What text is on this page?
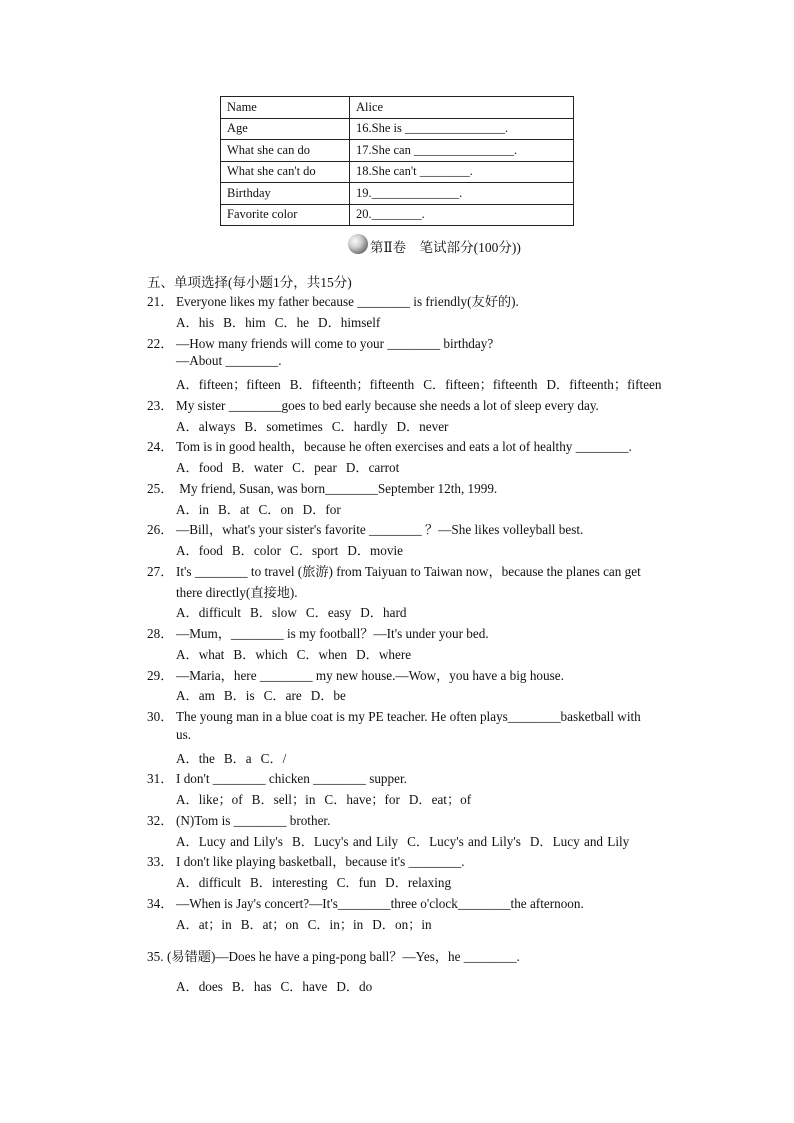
Name	Alice
Age	16.She is ________________.
What she can do	17.She can ________________.
What she can't do	18.She can't ________.
Birthday	19.______________.
Favorite color	20.________.
第Ⅱ卷　笔试部分(100分))
五、单项选择(每小题1分，共15分)
21． Everyone likes my father because ________ is friendly(友好的).
A．his B．him C．he D．himself
22． —How many friends will come to your ________ birthday?
—About ________.
A．fifteen；fifteen B．fifteenth；fifteenth C．fifteen；fifteenth D．fifteenth；fifteen
23． My sister ________goes to bed early because she needs a lot of sleep every day.
A．always B．sometimes C．hardly D．never
24． Tom is in good health，because he often exercises and eats a lot of healthy ________.
A．food B．water C．pear D．carrot
25． My friend, Susan, was born________September 12th, 1999.
A．in B．at C．on D．for
26． —Bill，what's your sister's favorite ________ ？—She likes volleyball best.
A．food B．color C．sport D．movie
27． It's ________ to travel (旅游) from Taiyuan to Taiwan now，because the planes can get
there directly(直接地).
A．difficult B．slow C．easy D．hard
28． —Mum，________ is my football？—It's under your bed.
A．what B．which C．when D．where
29． —Maria，here ________ my new house.—Wow，you have a big house.
A．am B．is C．are D．be
30． The young man in a blue coat is my PE teacher. He often plays________basketball with
us.
A．the B．a C．/
31． I don't ________ chicken ________ supper.
A．like；of B．sell；in C．have；for D．eat；of
32． (N)Tom is ________ brother.
A．Lucy and Lily's B．Lucy's and Lily C．Lucy's and Lily's D．Lucy and Lily
33． I don't like playing basketball，because it's ________.
A．difficult B．interesting C．fun D．relaxing
34． —When is Jay's concert?—It's________three o'clock________the afternoon.
A．at；in B．at；on C．in；in D．on；in
35. (易错题)—Does he have a ping-pong ball？—Yes，he ________.
A．does B．has C．have D．do
